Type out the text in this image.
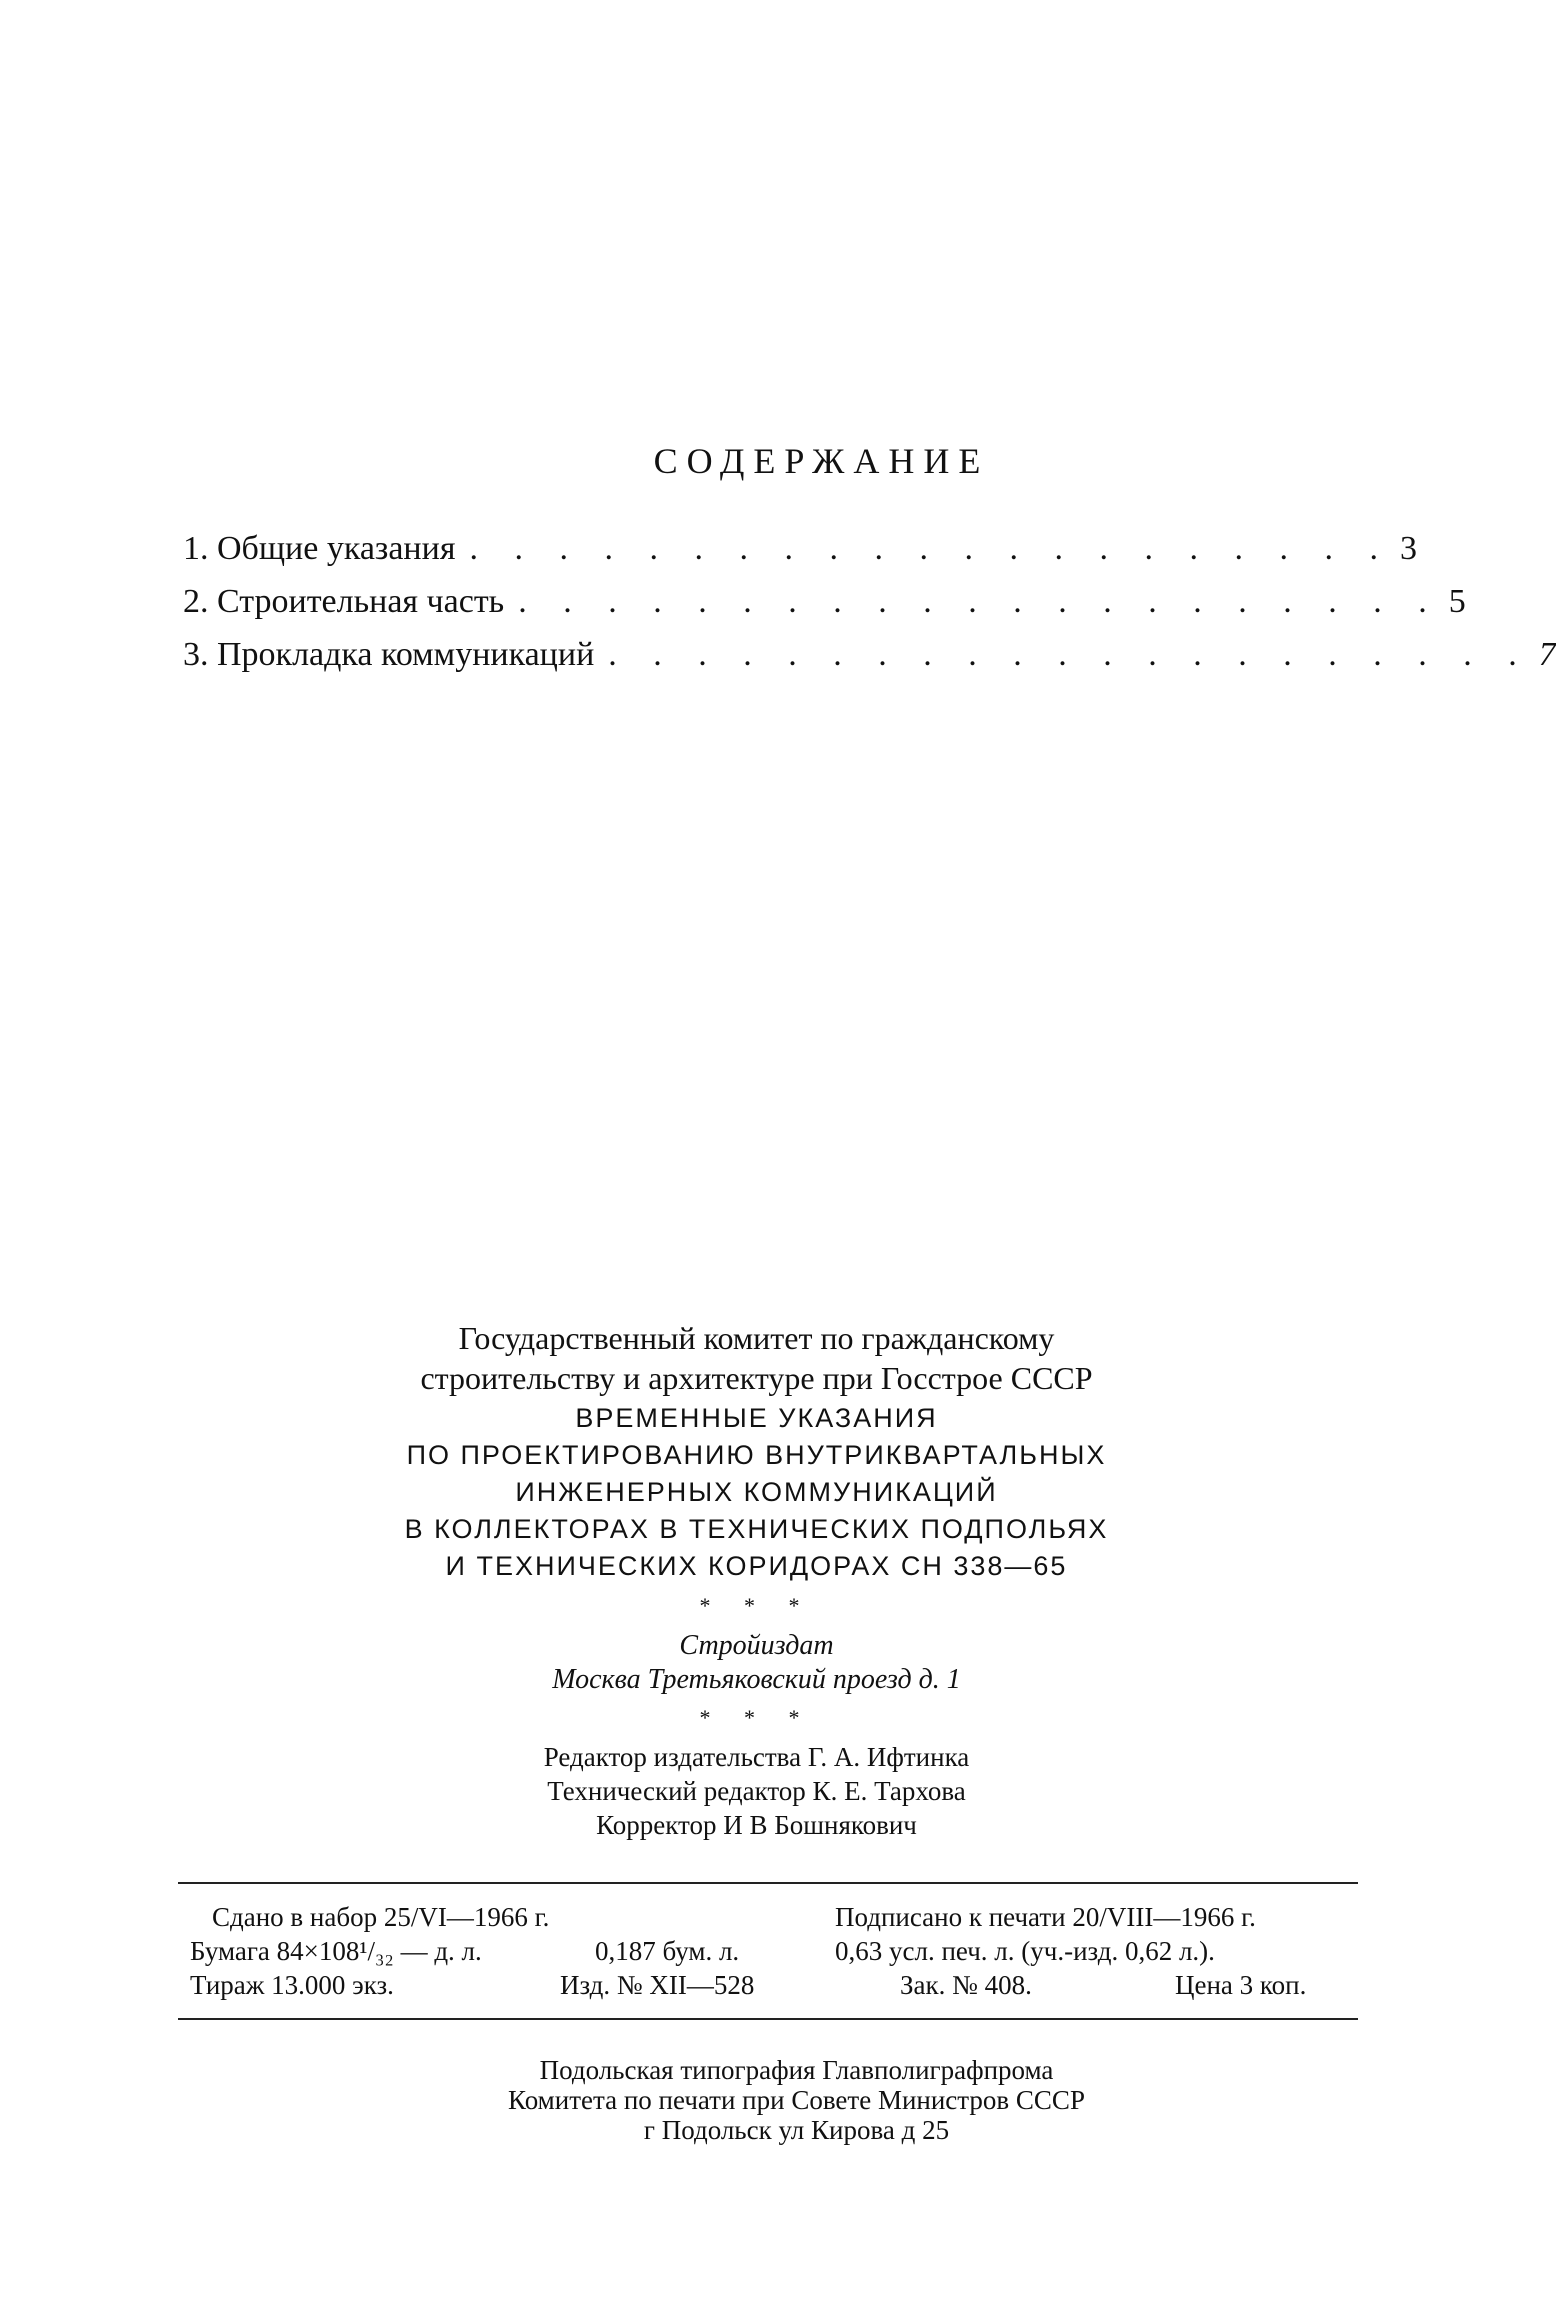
СОДЕРЖАНИЕ
1. Общие указания . . . . . . . . . . . . . . . . . . . . . 3
2. Строительная часть . . . . . . . . . . . . . . . . . . . . . 5
3. Прокладка коммуникаций . . . . . . . . . . . . . . . . . . . . . 7
Государственный комитет по гражданскому
строительству и архитектуре при Госстрое СССР
ВРЕМЕННЫЕ УКАЗАНИЯ
ПО ПРОЕКТИРОВАНИЮ ВНУТРИКВАРТАЛЬНЫХ
ИНЖЕНЕРНЫХ КОММУНИКАЦИЙ
В КОЛЛЕКТОРАХ В ТЕХНИЧЕСКИХ ПОДПОЛЬЯХ
И ТЕХНИЧЕСКИХ КОРИДОРАХ СН 338—65
* * *
Стройиздат
Москва Третьяковский проезд д. 1
* * *
Редактор издательства Г. А. Ифтинка
Технический редактор К. Е. Тархова
Корректор И В Бошнякович
Сдано в набор 25/VI—1966 г.	Подписано к печати 20/VIII—1966 г.
Бумага 84×108¹/₃₂ — д. л.	0,187 бум. л.	0,63 усл. печ. л. (уч.-изд. 0,62 л.).
Тираж 13.000 экз.	Изд. № XII—528	Зак. № 408.	Цена 3 коп.
Подольская типография Главполиграфпрома
Комитета по печати при Совете Министров СССР
г Подольск ул Кирова д 25
